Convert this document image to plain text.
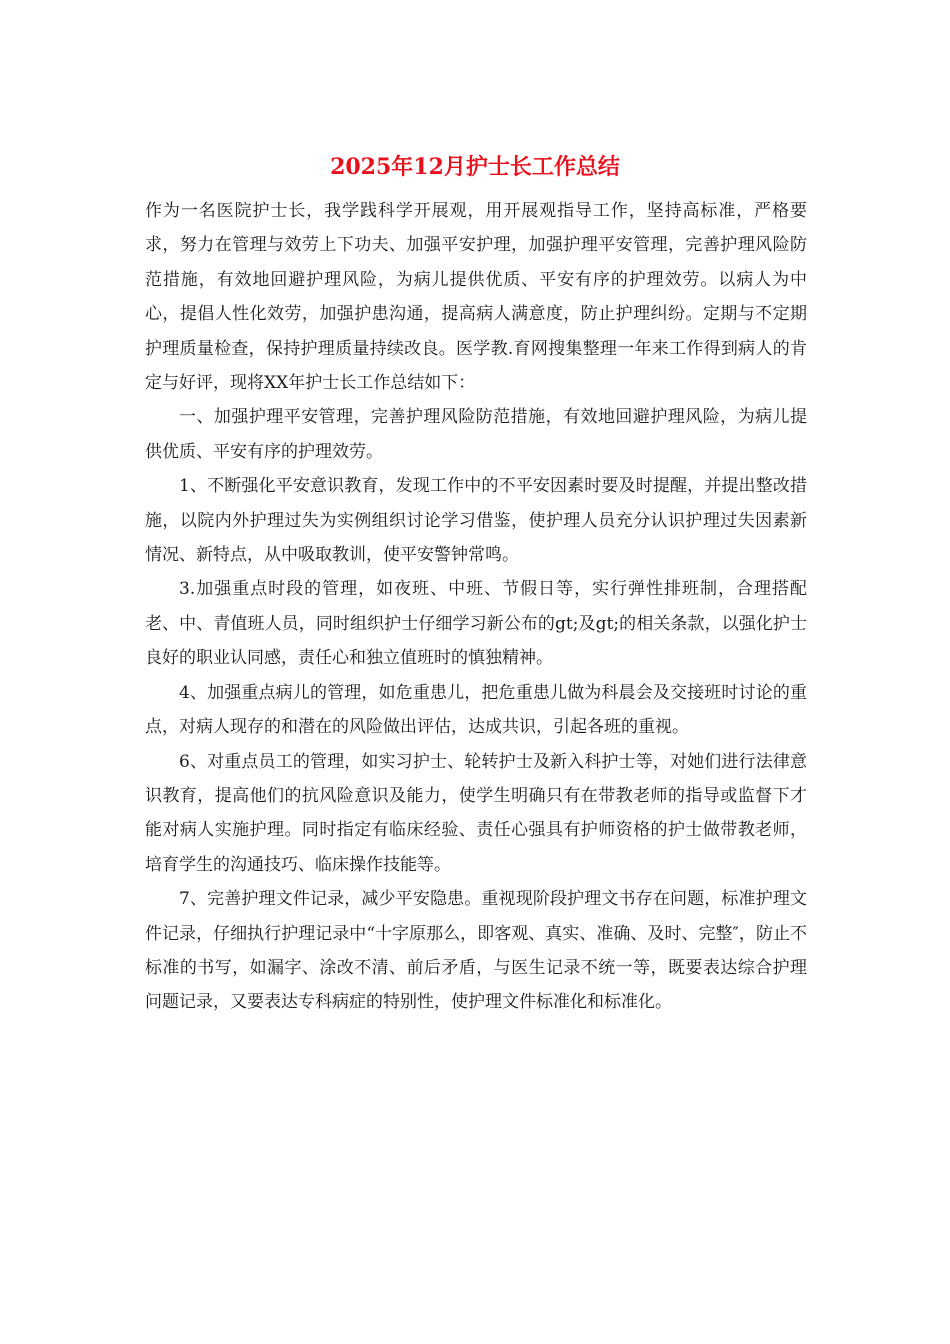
2025年12月护士长工作总结

作为一名医院护士长，我学践科学开展观，用开展观指导工作，坚持高标准，严格要求，努力在管理与效劳上下功夫、加强平安护理，加强护理平安管理，完善护理风险防范措施，有效地回避护理风险，为病儿提供优质、平安有序的护理效劳。以病人为中心，提倡人性化效劳，加强护患沟通，提高病人满意度，防止护理纠纷。定期与不定期护理质量检查，保持护理质量持续改良。医学教.育网搜集整理一年来工作得到病人的肯定与好评，现将XX年护士长工作总结如下：

一、加强护理平安管理，完善护理风险防范措施，有效地回避护理风险，为病儿提供优质、平安有序的护理效劳。

1、不断强化平安意识教育，发现工作中的不平安因素时要及时提醒，并提出整改措施，以院内外护理过失为实例组织讨论学习借鉴，使护理人员充分认识护理过失因素新情况、新特点，从中吸取教训，使平安警钟常鸣。

3.加强重点时段的管理，如夜班、中班、节假日等，实行弹性排班制，合理搭配老、中、青值班人员，同时组织护士仔细学习新公布的gt;及gt;的相关条款，以强化护士良好的职业认同感，责任心和独立值班时的慎独精神。

4、加强重点病儿的管理，如危重患儿，把危重患儿做为科晨会及交接班时讨论的重点，对病人现存的和潜在的风险做出评估，达成共识，引起各班的重视。

6、对重点员工的管理，如实习护士、轮转护士及新入科护士等，对她们进行法律意识教育，提高他们的抗风险意识及能力，使学生明确只有在带教老师的指导或监督下才能对病人实施护理。同时指定有临床经验、责任心强具有护师资格的护士做带教老师，培育学生的沟通技巧、临床操作技能等。

7、完善护理文件记录，减少平安隐患。重视现阶段护理文书存在问题，标准护理文件记录，仔细执行护理记录中“十字原那么，即客观、真实、准确、及时、完整″，防止不标准的书写，如漏字、涂改不清、前后矛盾，与医生记录不统一等，既要表达综合护理问题记录，又要表达专科病症的特别性，使护理文件标准化和标准化。
